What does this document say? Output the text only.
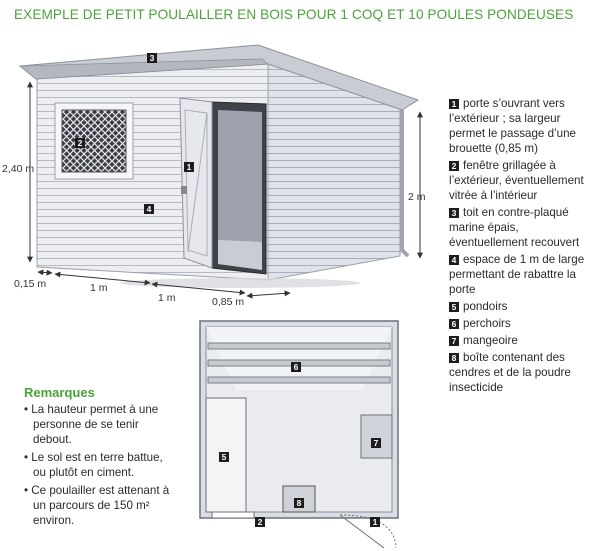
EXEMPLE DE PETIT POULAILLER EN BOIS POUR 1 COQ ET 10 POULES PONDEUSES
2,40 m
2 m
0,15 m	1 m
1 m	0,85 m
3
2
1
4
6
5
7
8
2	1
1 porte s’ouvrant vers l’extérieur ; sa largeur permet le passage d’une brouette (0,85 m)
2 fenêtre grillagée à l’extérieur, éventuellement vitrée à l’intérieur
3 toit en contre-plaqué marine épais, éventuellement recouvert
4 espace de 1 m de large permettant de rabattre la porte
5 pondoirs
6 perchoirs
7 mangeoire
8 boîte contenant des cendres et de la poudre insecticide
Remarques
• La hauteur permet à une personne de se tenir debout.
• Le sol est en terre battue, ou plutôt en ciment.
• Ce poulailler est attenant à un parcours de 150 m² environ.
